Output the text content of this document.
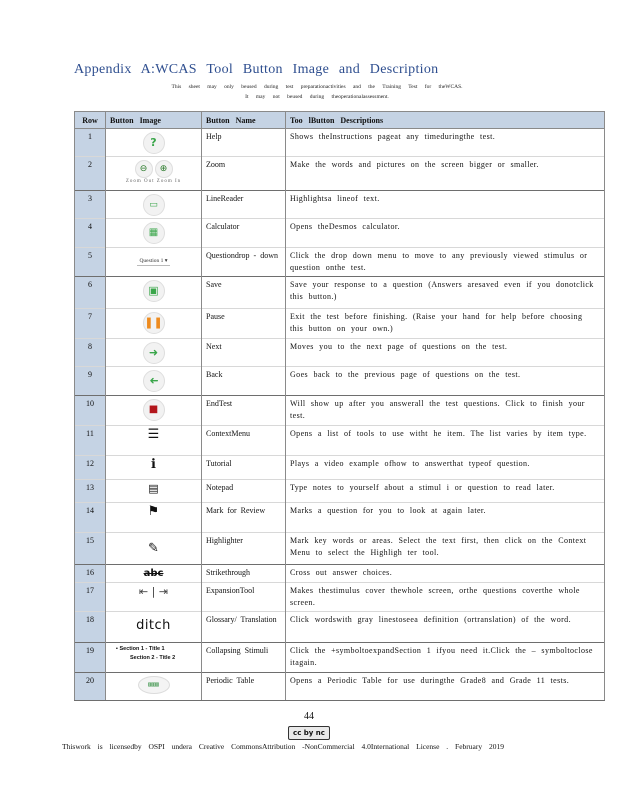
Appendix A:WCAS Tool Button Image and Description
This sheet may only beused during test preparationactivities and the Training Test for theWCAS.
It may not beused during theoperationalassessment.
Row	Button Image	Button Name	Too lButton Descriptions
1	?	Help	Shows theInstructions pageat any timeduringthe test.
2	⊖ ⊕
Zoom Out Zoom In	Zoom	Make the words and pictures on the screen bigger or smaller.
3	▭	LineReader	Highlightsa lineof text.
4	▦	Calculator	Opens theDesmos calculator.
5	Question 1 ▾	Questiondrop - down	Click the drop down menu to move to any previously viewed stimulus or question onthe test.
6	▣	Save	Save your response to a question (Answers aresaved even if you donotclick this button.)
7	❚❚	Pause	Exit the test before finishing. (Raise your hand for help before choosing this button on your own.)
8	➜	Next	Moves you to the next page of questions on the test.
9	➜	Back	Goes back to the previous page of questions on the test.
10	■	EndTest	Will show up after you answerall the test questions. Click to finish your test.
11	☰	ContextMenu	Opens a list of tools to use witht he item. The list varies by item type.
12	ℹ	Tutorial	Plays a video example ofhow to answerthat typeof question.
13	▤	Notepad	Type notes to yourself about a stimul i or question to read later.
14	⚑	Mark for Review	Marks a question for you to look at again later.
15	✎	Highlighter	Mark key words or areas. Select the text first, then click on the Context Menu to select the Highligh ter tool.
16	abc	Strikethrough	Cross out answer choices.
17	⇤ | ⇥	ExpansionTool	Makes thestimulus cover thewhole screen, orthe questions coverthe whole screen.
18	ditch	Glossary/ Translation	Click wordswith gray linestoseea definition (ortranslation) of the word.
19	▪ Section 1 - Title 1
Section 2 - Title 2	Collapsing Stimuli	Click the +symboltoexpandSection 1 ifyou need it.Click the – symboltoclose itagain.
20	▥▥▥	Periodic Table	Opens a Periodic Table for use duringthe Grade8 and Grade 11 tests.
44
cc by nc
Thiswork is licensedby OSPI undera Creative CommonsAttribution -NonCommercial 4.0International License . February 2019
